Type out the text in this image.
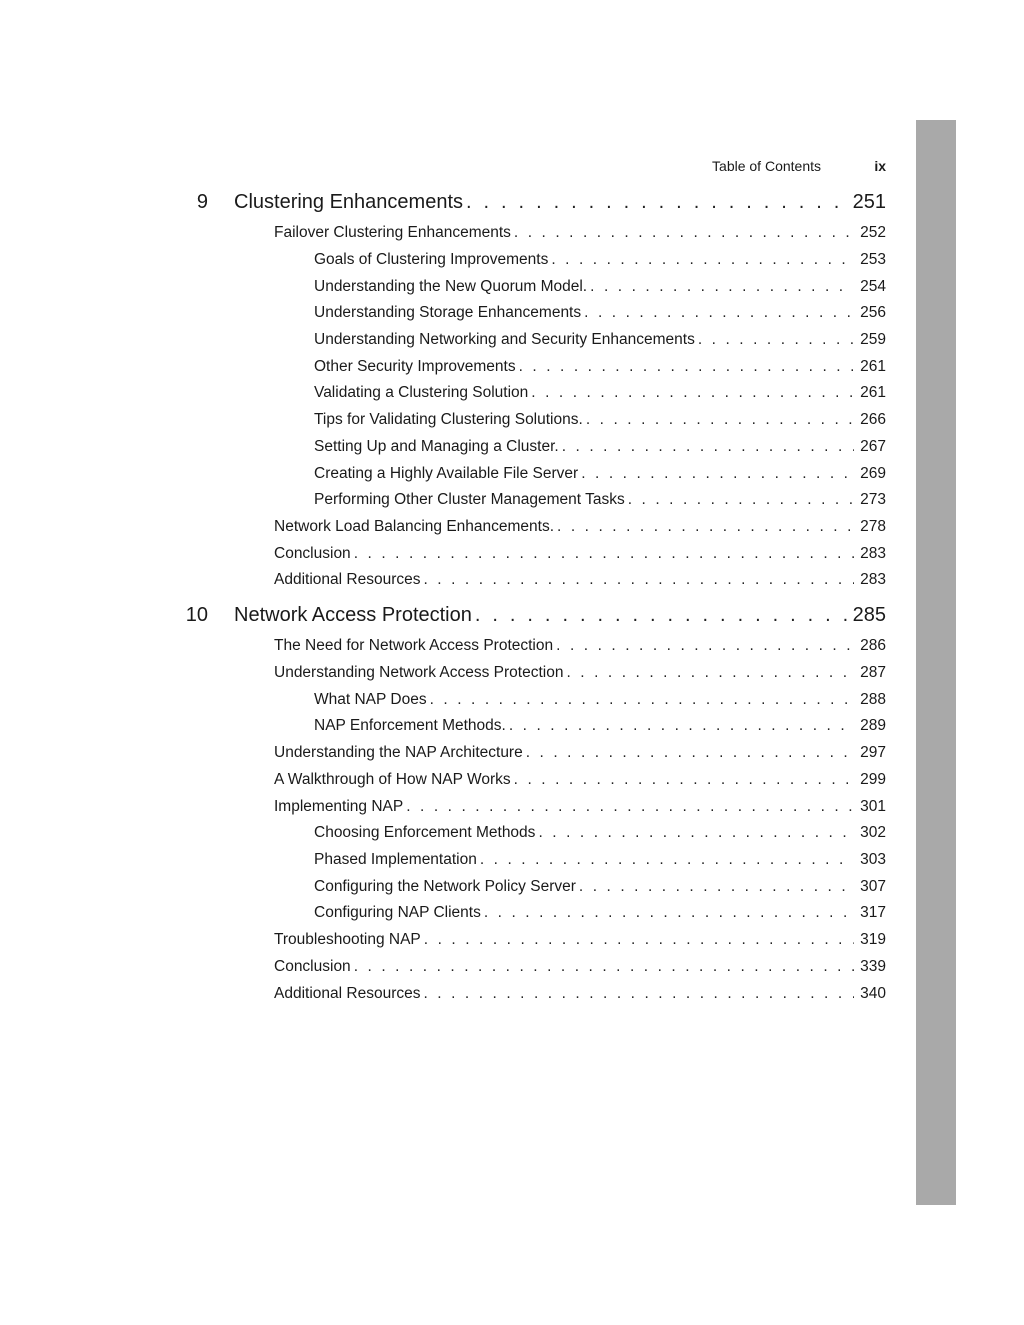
Table of Contents	ix
9 Clustering Enhancements . . .	251
Failover Clustering Enhancements . . .	252
Goals of Clustering Improvements . . .	253
Understanding the New Quorum Model. . . .	254
Understanding Storage Enhancements . . .	256
Understanding Networking and Security Enhancements . . .	259
Other Security Improvements . . .	261
Validating a Clustering Solution . . .	261
Tips for Validating Clustering Solutions. . . .	266
Setting Up and Managing a Cluster. . . .	267
Creating a Highly Available File Server . . .	269
Performing Other Cluster Management Tasks . . .	273
Network Load Balancing Enhancements. . . .	278
Conclusion . . .	283
Additional Resources . . .	283
10 Network Access Protection . . .	285
The Need for Network Access Protection . . .	286
Understanding Network Access Protection . . .	287
What NAP Does . . .	288
NAP Enforcement Methods. . . .	289
Understanding the NAP Architecture . . .	297
A Walkthrough of How NAP Works . . .	299
Implementing NAP . . .	301
Choosing Enforcement Methods . . .	302
Phased Implementation . . .	303
Configuring the Network Policy Server . . .	307
Configuring NAP Clients . . .	317
Troubleshooting NAP . . .	319
Conclusion . . .	339
Additional Resources . . .	340
